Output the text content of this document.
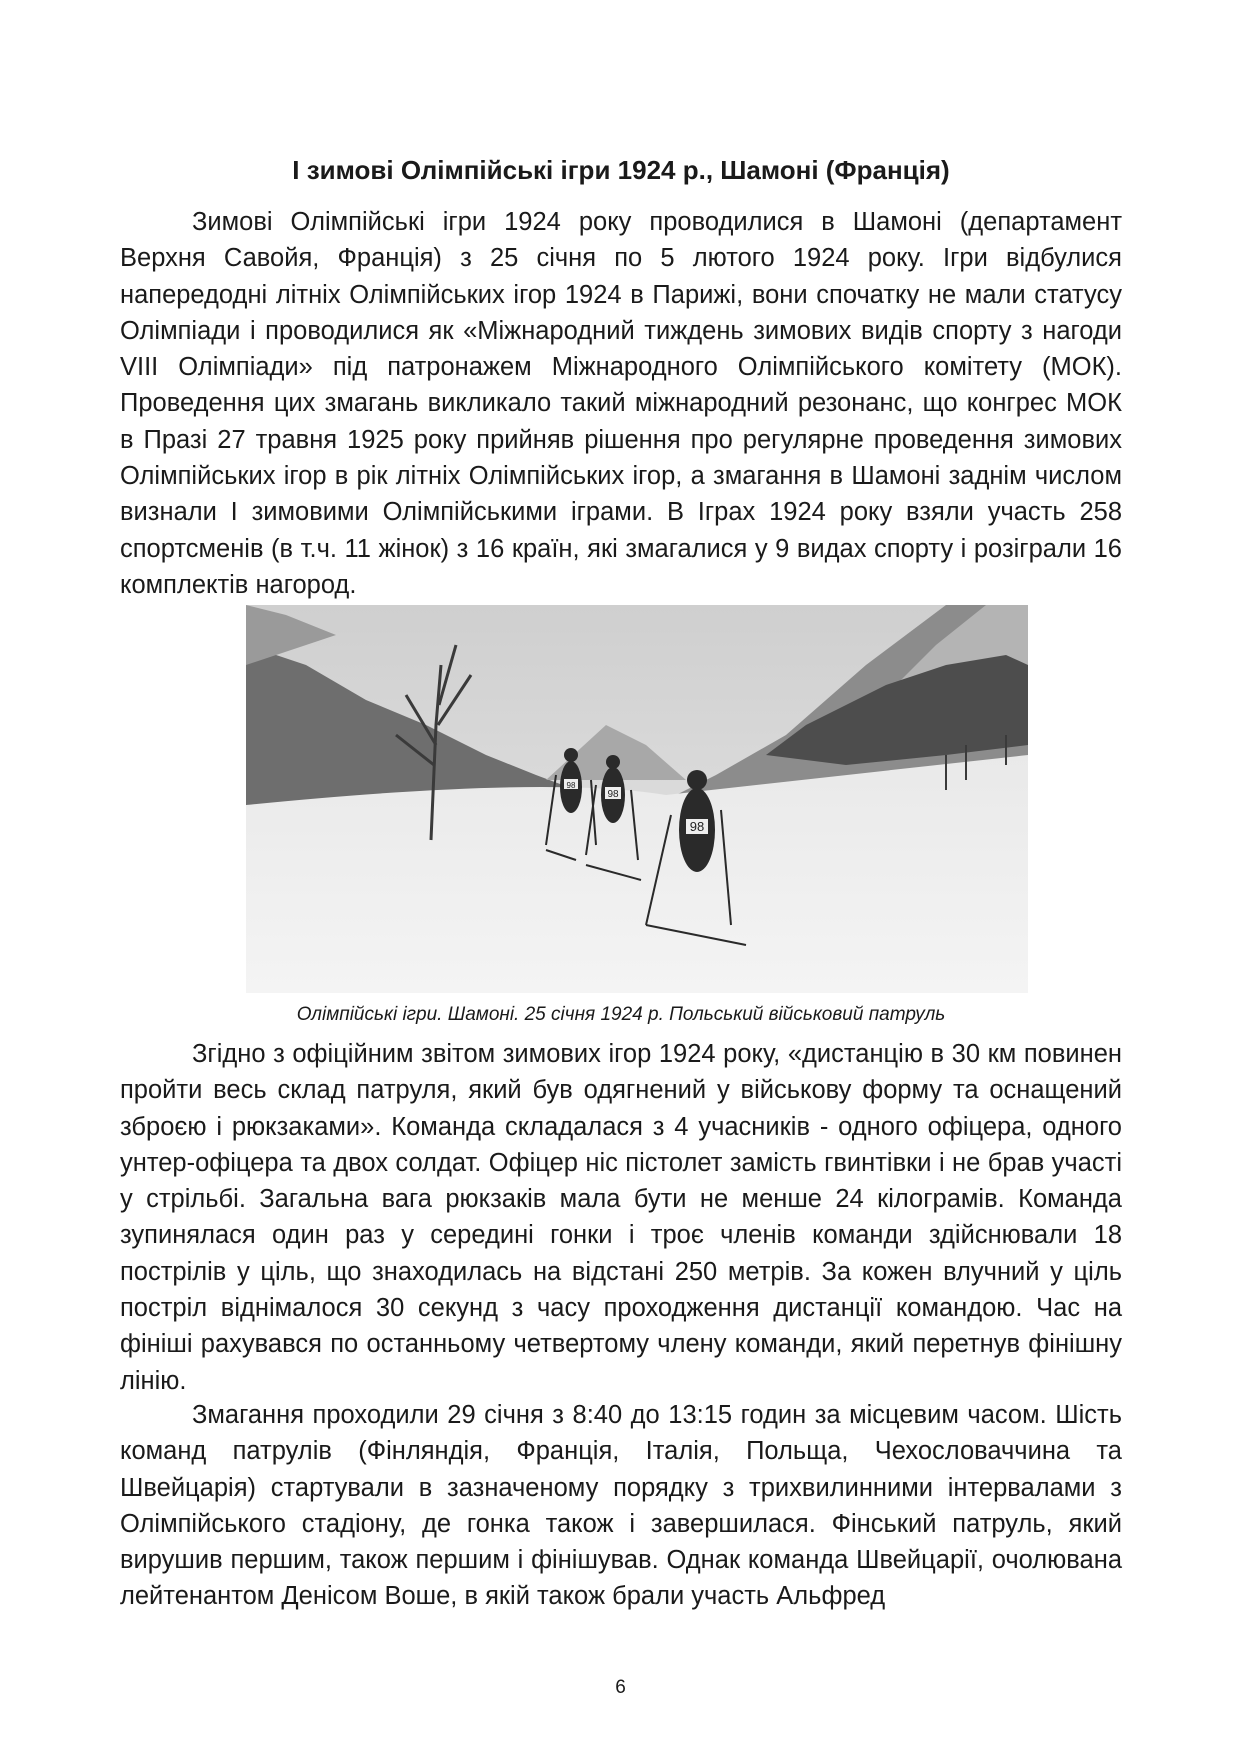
І зимові Олімпійські ігри 1924 р., Шамоні (Франція)

Зимові Олімпійські ігри 1924 року проводилися в Шамоні (департамент Верхня Савойя, Франція) з 25 січня по 5 лютого 1924 року. Ігри відбулися напередодні літніх Олімпійських ігор 1924 в Парижі, вони спочатку не мали статусу Олімпіади і проводилися як «Міжнародний тиждень зимових видів спорту з нагоди VIII Олімпіади» під патронажем Міжнародного Олімпійського комітету (МОК). Проведення цих змагань викликало такий міжнародний резонанс, що конгрес МОК в Празі 27 травня 1925 року прийняв рішення про регулярне проведення зимових Олімпійських ігор в рік літніх Олімпійських ігор, а змагання в Шамоні заднім числом визнали І зимовими Олімпійськими іграми. В Іграх 1924 року взяли участь 258 спортсменів (в т.ч. 11 жінок) з 16 країн, які змагалися у 9 видах спорту і розіграли 16 комплектів нагород.

98
98
98
Олімпійські ігри. Шамоні. 25 січня 1924 р. Польський військовий патруль

Згідно з офіційним звітом зимових ігор 1924 року, «дистанцію в 30 км повинен пройти весь склад патруля, який був одягнений у військову форму та оснащений зброєю і рюкзаками». Команда складалася з 4 учасників - одного офіцера, одного унтер-офіцера та двох солдат. Офіцер ніс пістолет замість гвинтівки і не брав участі у стрільбі. Загальна вага рюкзаків мала бути не менше 24 кілограмів. Команда зупинялася один раз у середині гонки і троє членів команди здійснювали 18 пострілів у ціль, що знаходилась на відстані 250 метрів. За кожен влучний у ціль постріл віднімалося 30 секунд з часу проходження дистанції командою. Час на фініші рахувався по останньому четвертому члену команди, який перетнув фінішну лінію.

Змагання проходили 29 січня з 8:40 до 13:15 годин за місцевим часом. Шість команд патрулів (Фінляндія, Франція, Італія, Польща, Чехословаччина та Швейцарія) стартували в зазначеному порядку з трихвилинними інтервалами з Олімпійського стадіону, де гонка також і завершилася. Фінський патруль, який вирушив першим, також першим і фінішував. Однак команда Швейцарії, очолювана лейтенантом Денісом Воше, в якій також брали участь Альфред

6
